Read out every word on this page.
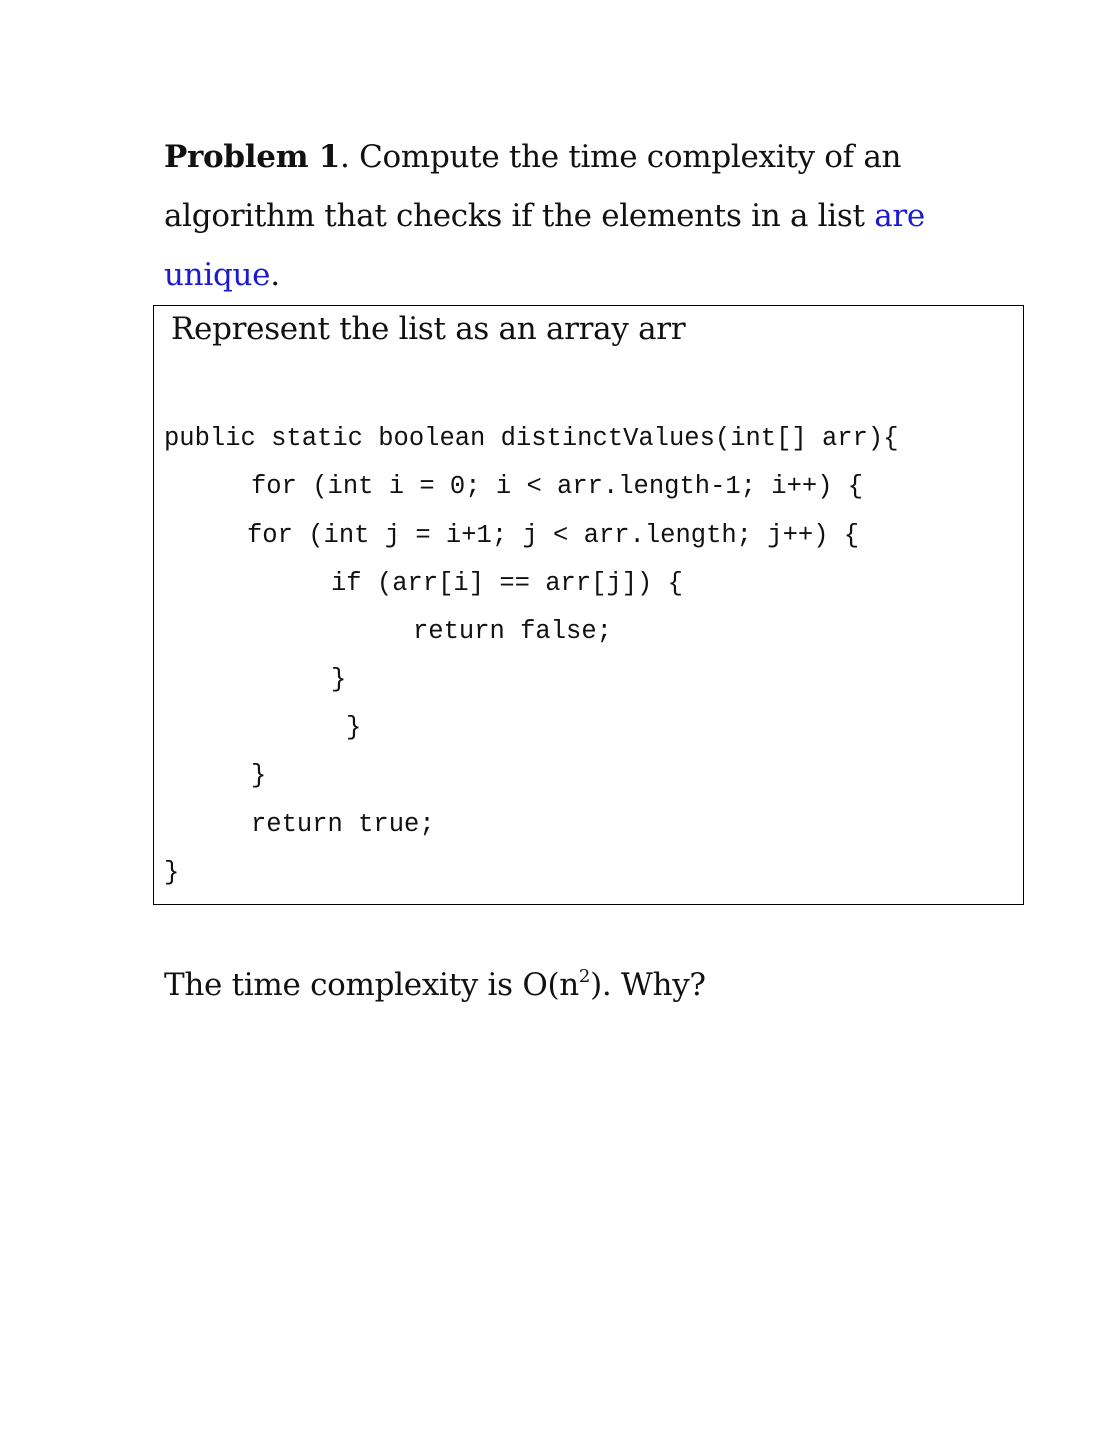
Problem 1. Compute the time complexity of an algorithm that checks if the elements in a list are unique.
Represent the list as an array arr
public static boolean distinctValues(int[] arr){
for (int i = 0; i < arr.length-1; i++) {
for (int j = i+1; j < arr.length; j++) {
if (arr[i] == arr[j]) {
return false;
}
}
}
return true;
}
The time complexity is $O(n^2)$. Why?
